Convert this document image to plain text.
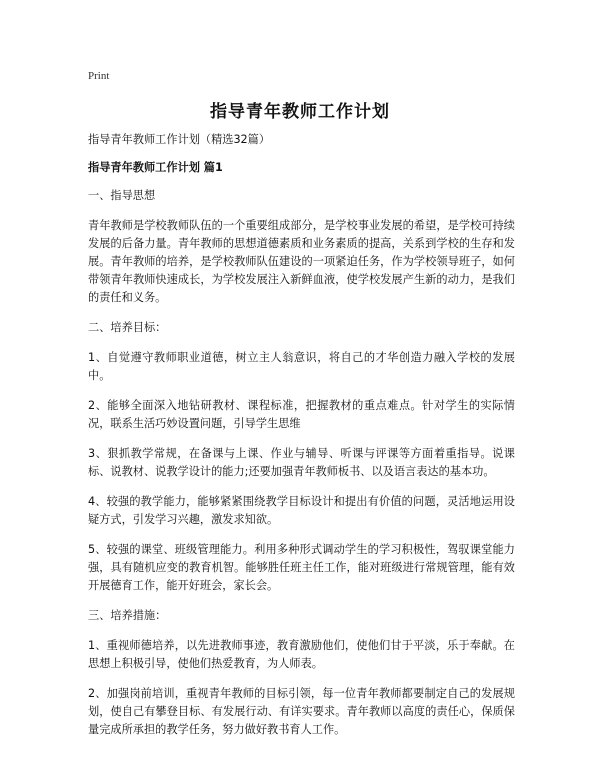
Print
指导青年教师工作计划

指导青年教师工作计划（精选32篇）

指导青年教师工作计划 篇1

一、指导思想

青年教师是学校教师队伍的一个重要组成部分，是学校事业发展的希望，是学校可持续发展的后备力量。青年教师的思想道德素质和业务素质的提高，关系到学校的生存和发展。青年教师的培养，是学校教师队伍建设的一项紧迫任务，作为学校领导班子，如何带领青年教师快速成长，为学校发展注入新鲜血液，使学校发展产生新的动力，是我们的责任和义务。

二、培养目标：

1、自觉遵守教师职业道德，树立主人翁意识，将自己的才华创造力融入学校的发展中。

2、能够全面深入地钻研教材、课程标准，把握教材的重点难点。针对学生的实际情况，联系生活巧妙设置问题，引导学生思维

3、狠抓教学常规，在备课与上课、作业与辅导、听课与评课等方面着重指导。说课标、说教材、说教学设计的能力;还要加强青年教师板书、以及语言表达的基本功。

4、较强的教学能力，能够紧紧围绕教学目标设计和提出有价值的问题，灵活地运用设疑方式，引发学习兴趣，激发求知欲。

5、较强的课堂、班级管理能力。利用多种形式调动学生的学习积极性，驾驭课堂能力强，具有随机应变的教育机智。能够胜任班主任工作，能对班级进行常规管理，能有效开展德育工作，能开好班会，家长会。

三、培养措施：

1、重视师德培养，以先进教师事迹，教育激励他们，使他们甘于平淡，乐于奉献。在思想上积极引导，使他们热爱教育，为人师表。

2、加强岗前培训，重视青年教师的目标引领，每一位青年教师都要制定自己的发展规划，使自己有攀登目标、有发展行动、有详实要求。青年教师以高度的责任心，保质保量完成所承担的教学任务，努力做好教书育人工作。
